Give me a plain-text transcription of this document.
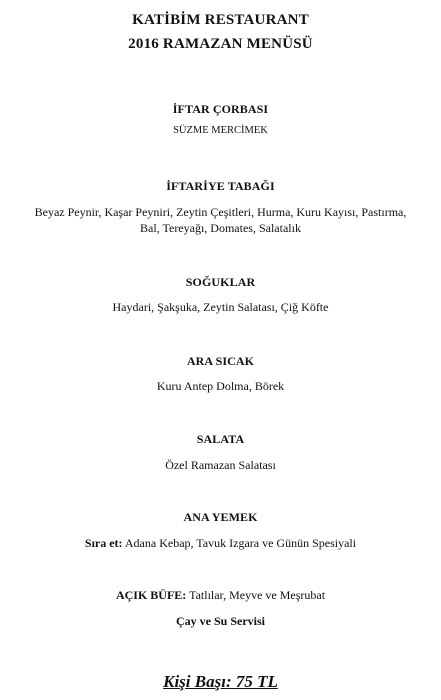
KATİBİM RESTAURANT
2016 RAMAZAN MENÜSÜ
İFTAR ÇORBASI
SÜZME MERCİMEK
İFTARİYE TABAĞI
Beyaz Peynir, Kaşar Peyniri, Zeytin Çeşitleri, Hurma, Kuru Kayısı, Pastırma,
Bal, Tereyağı, Domates, Salatalık
SOĞUKLAR
Haydari, Şakşuka, Zeytin Salatası, Çiğ Köfte
ARA SICAK
Kuru Antep Dolma, Börek
SALATA
Özel Ramazan Salatası
ANA YEMEK
Sıra et: Adana Kebap, Tavuk Izgara ve Günün Spesiyali
AÇIK BÜFE: Tatlılar, Meyve ve Meşrubat
Çay ve Su Servisi
Kişi Başı: 75 TL
